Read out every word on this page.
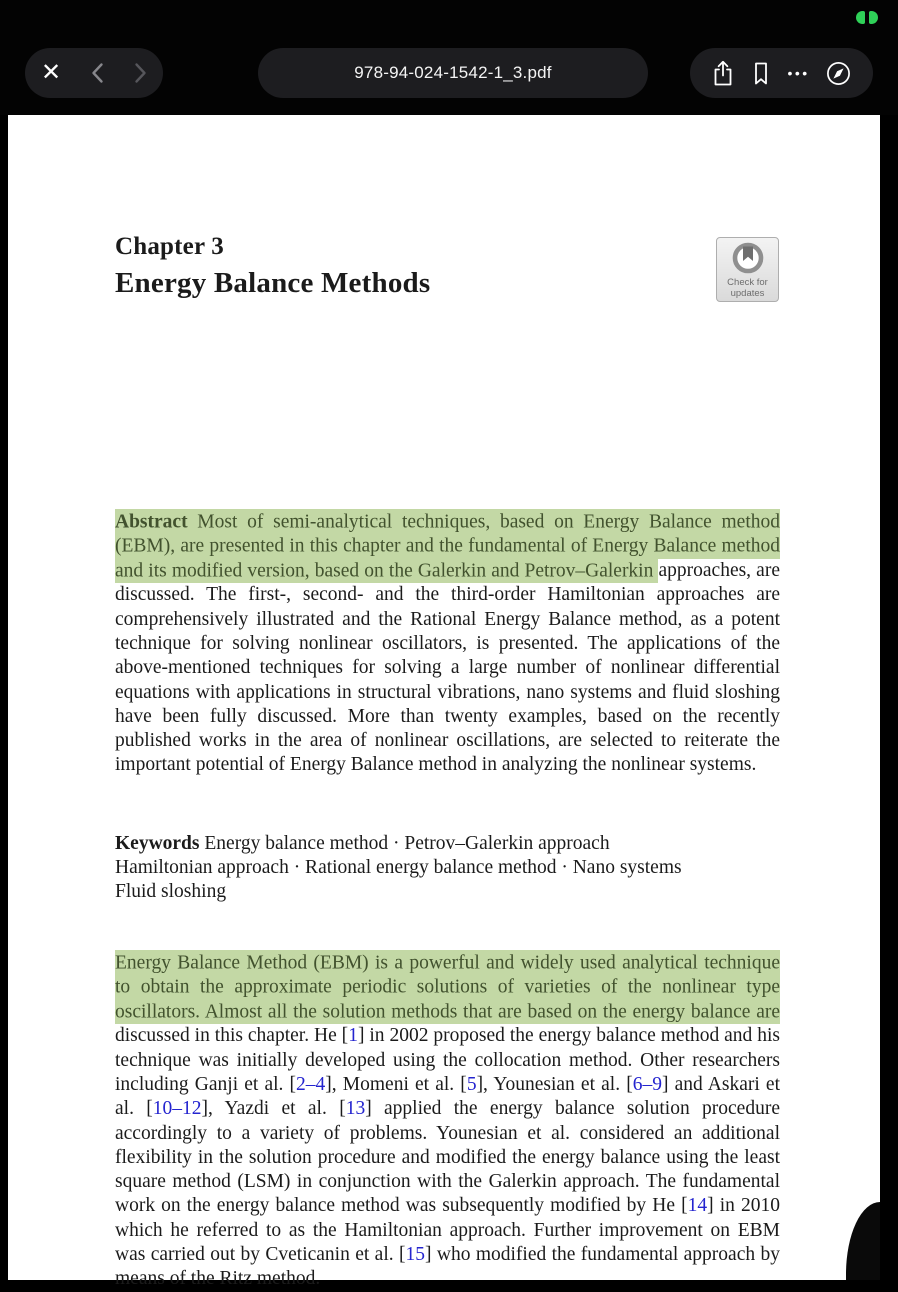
✕	978-94-024-1542-1_3.pdf	•••
Chapter 3
Energy Balance Methods	Check for
updates

Abstract Most of semi-analytical techniques, based on Energy Balance method (EBM), are presented in this chapter and the fundamental of Energy Balance method and its modified version, based on the Galerkin and Petrov–Galerkin approaches, are discussed. The first-, second- and the third-order Hamiltonian approaches are comprehensively illustrated and the Rational Energy Balance method, as a potent technique for solving nonlinear oscillators, is presented. The applications of the above-mentioned techniques for solving a large number of nonlinear differential equations with applications in structural vibrations, nano systems and fluid sloshing have been fully discussed. More than twenty examples, based on the recently published works in the area of nonlinear oscillations, are selected to reiterate the important potential of Energy Balance method in analyzing the nonlinear systems.

Keywords Energy balance method · Petrov–Galerkin approach
Hamiltonian approach · Rational energy balance method · Nano systems
Fluid sloshing

Energy Balance Method (EBM) is a powerful and widely used analytical technique to obtain the approximate periodic solutions of varieties of the nonlinear type oscillators. Almost all the solution methods that are based on the energy balance are discussed in this chapter. He [1] in 2002 proposed the energy balance method and his technique was initially developed using the collocation method. Other researchers including Ganji et al. [2–4], Momeni et al. [5], Younesian et al. [6–9] and Askari et al. [10–12], Yazdi et al. [13] applied the energy balance solution procedure accordingly to a variety of problems. Younesian et al. considered an additional flexibility in the solution procedure and modified the energy balance using the least square method (LSM) in conjunction with the Galerkin approach. The fundamental work on the energy balance method was subsequently modified by He [14] in 2010 which he referred to as the Hamiltonian approach. Further improvement on EBM was carried out by Cveticanin et al. [15] who modified the fundamental approach by means of the Ritz method.
